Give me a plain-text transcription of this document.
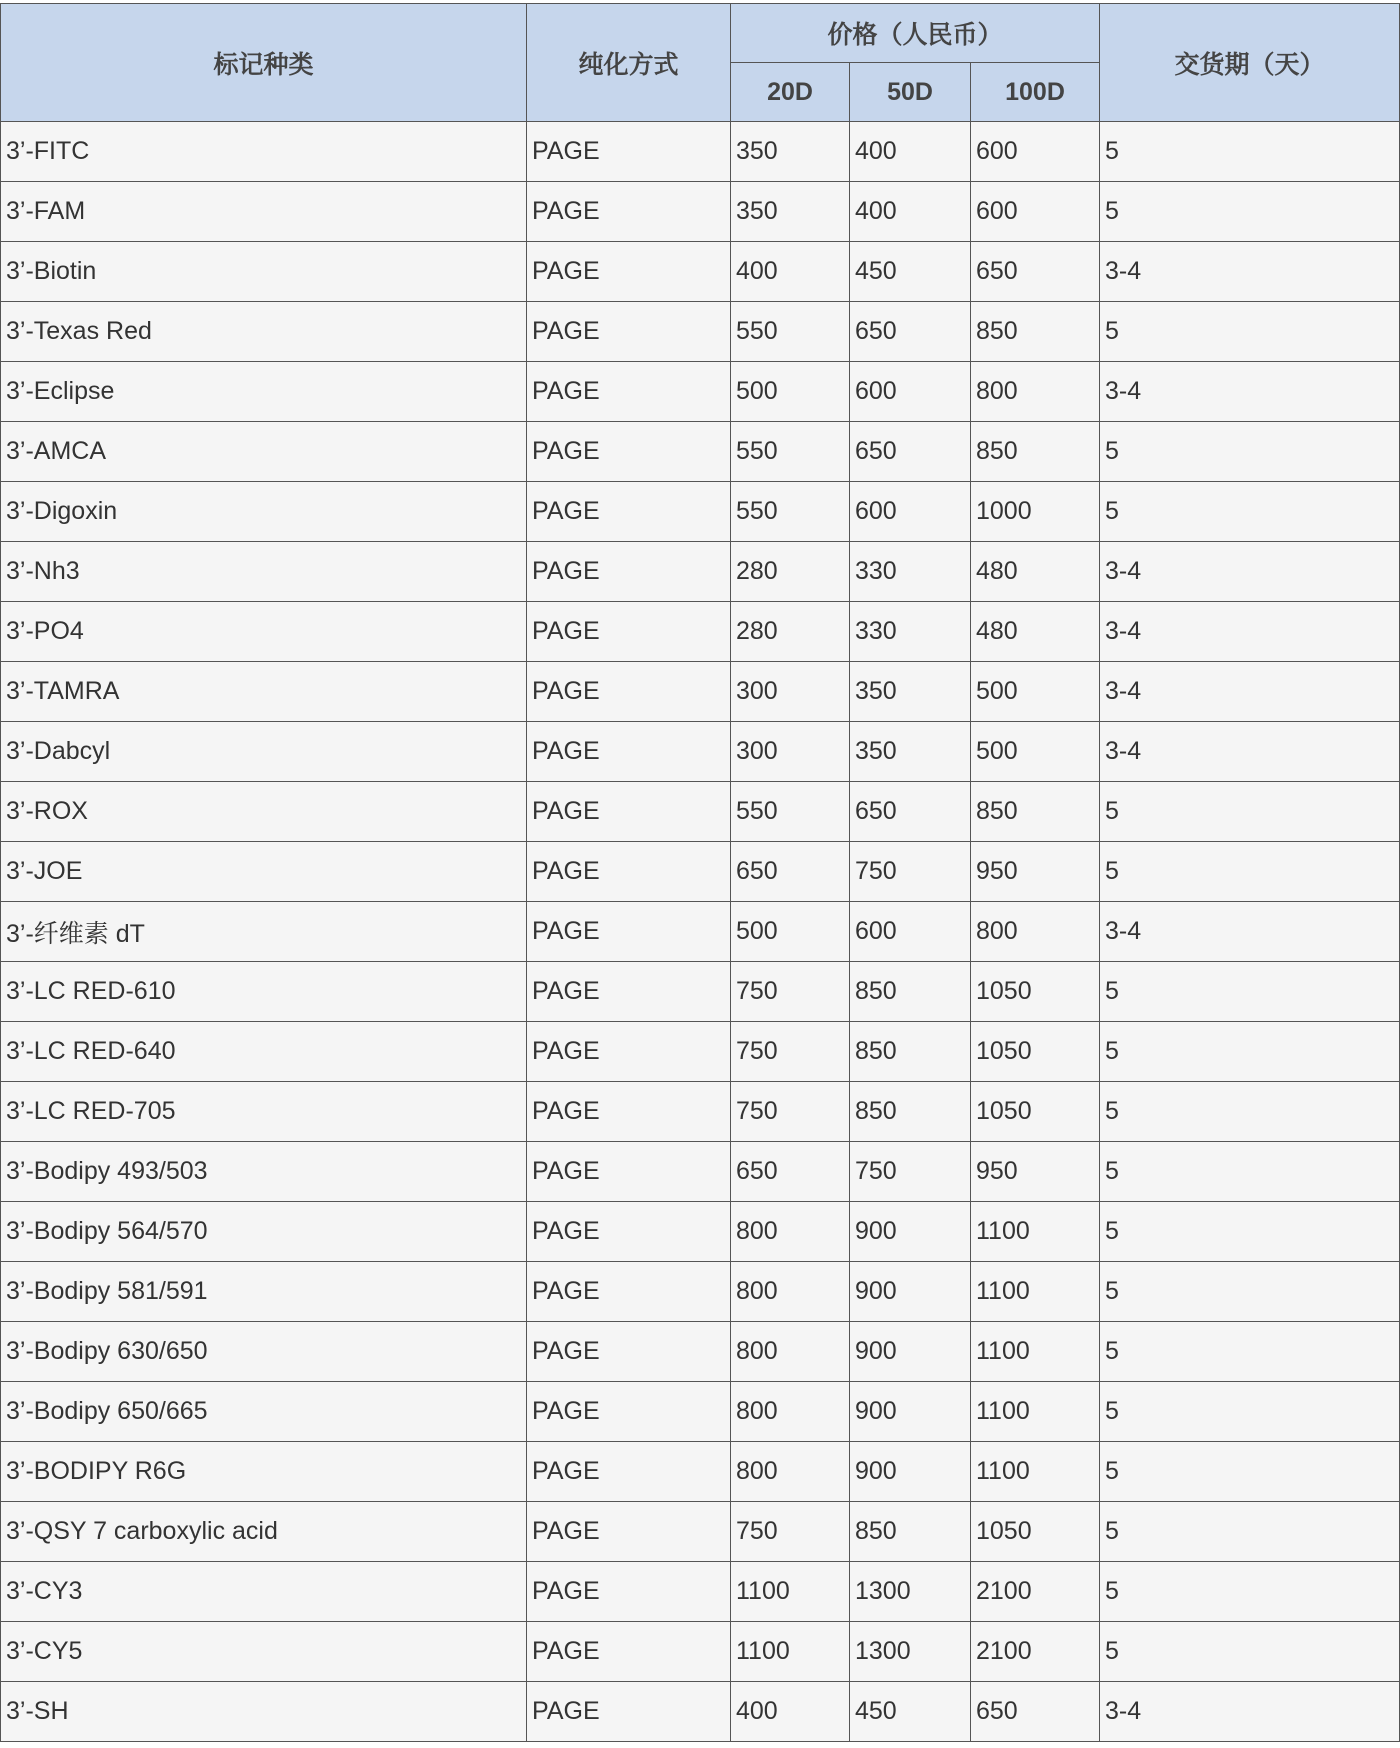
标记种类	纯化方式	价格（人民币）			交货期（天）
		20D	50D	100D	
3’-FITC	PAGE	350	400	600	5
3’-FAM	PAGE	350	400	600	5
3’-Biotin	PAGE	400	450	650	3-4
3’-Texas Red	PAGE	550	650	850	5
3’-Eclipse	PAGE	500	600	800	3-4
3’-AMCA	PAGE	550	650	850	5
3’-Digoxin	PAGE	550	600	1000	5
3’-Nh3	PAGE	280	330	480	3-4
3’-PO4	PAGE	280	330	480	3-4
3’-TAMRA	PAGE	300	350	500	3-4
3’-Dabcyl	PAGE	300	350	500	3-4
3’-ROX	PAGE	550	650	850	5
3’-JOE	PAGE	650	750	950	5
3’-纤维素 dT	PAGE	500	600	800	3-4
3’-LC RED-610	PAGE	750	850	1050	5
3’-LC RED-640	PAGE	750	850	1050	5
3’-LC RED-705	PAGE	750	850	1050	5
3’-Bodipy 493/503	PAGE	650	750	950	5
3’-Bodipy 564/570	PAGE	800	900	1100	5
3’-Bodipy 581/591	PAGE	800	900	1100	5
3’-Bodipy 630/650	PAGE	800	900	1100	5
3’-Bodipy 650/665	PAGE	800	900	1100	5
3’-BODIPY R6G	PAGE	800	900	1100	5
3’-QSY 7 carboxylic acid	PAGE	750	850	1050	5
3’-CY3	PAGE	1100	1300	2100	5
3’-CY5	PAGE	1100	1300	2100	5
3’-SH	PAGE	400	450	650	3-4
